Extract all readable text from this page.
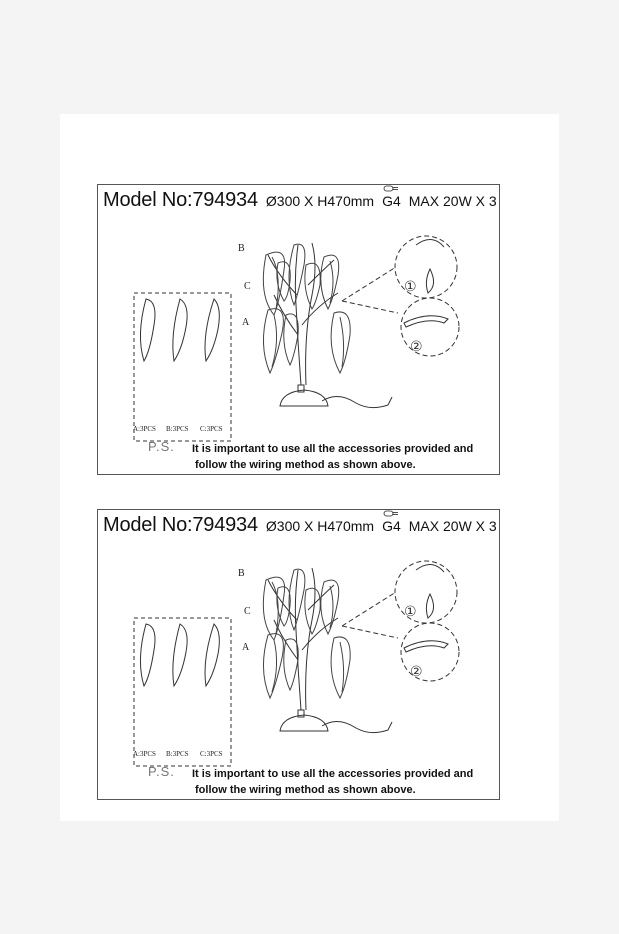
Model No:794934 Ø300 X H470mm G4 MAX 20W X 3
B
C
A
①
②
A:3PCS B:3PCS C:3PCS
P.S. It is important to use all the accessories provided and
follow the wiring method as shown above.
Model No:794934 Ø300 X H470mm G4 MAX 20W X 3
B
C
A
①
②
A:3PCS B:3PCS C:3PCS
P.S. It is important to use all the accessories provided and
follow the wiring method as shown above.
